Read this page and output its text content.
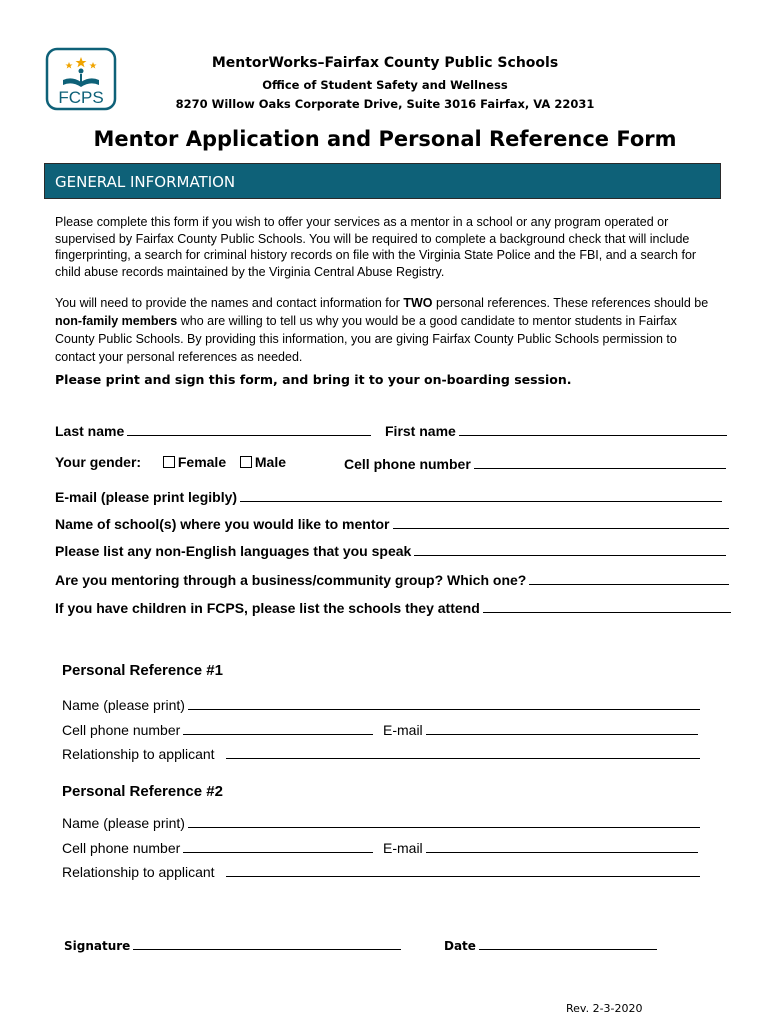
FCPS
MentorWorks–Fairfax County Public Schools
Office of Student Safety and Wellness
8270 Willow Oaks Corporate Drive, Suite 3016 Fairfax, VA 22031
Mentor Application and Personal Reference Form
GENERAL INFORMATION
Please complete this form if you wish to offer your services as a mentor in a school or any program operated or supervised by Fairfax County Public Schools. You will be required to complete a background check that will include fingerprinting, a search for criminal history records on file with the Virginia State Police and the FBI, and a search for child abuse records maintained by the Virginia Central Abuse Registry.
You will need to provide the names and contact information for TWO personal references. These references should be non-family members who are willing to tell us why you would be a good candidate to mentor students in Fairfax County Public Schools. By providing this information, you are giving Fairfax County Public Schools permission to contact your personal references as needed.
Please print and sign this form, and bring it to your on-boarding session.
Last name	First name
Your gender:	Female Male	Cell phone number
E-mail (please print legibly)
Name of school(s) where you would like to mentor
Please list any non-English languages that you speak
Are you mentoring through a business/community group? Which one?
If you have children in FCPS, please list the schools they attend
Personal Reference #1
Name (please print)
Cell phone number	E-mail
Relationship to applicant
Personal Reference #2
Name (please print)
Cell phone number	E-mail
Relationship to applicant
Signature	Date
Rev. 2-3-2020
